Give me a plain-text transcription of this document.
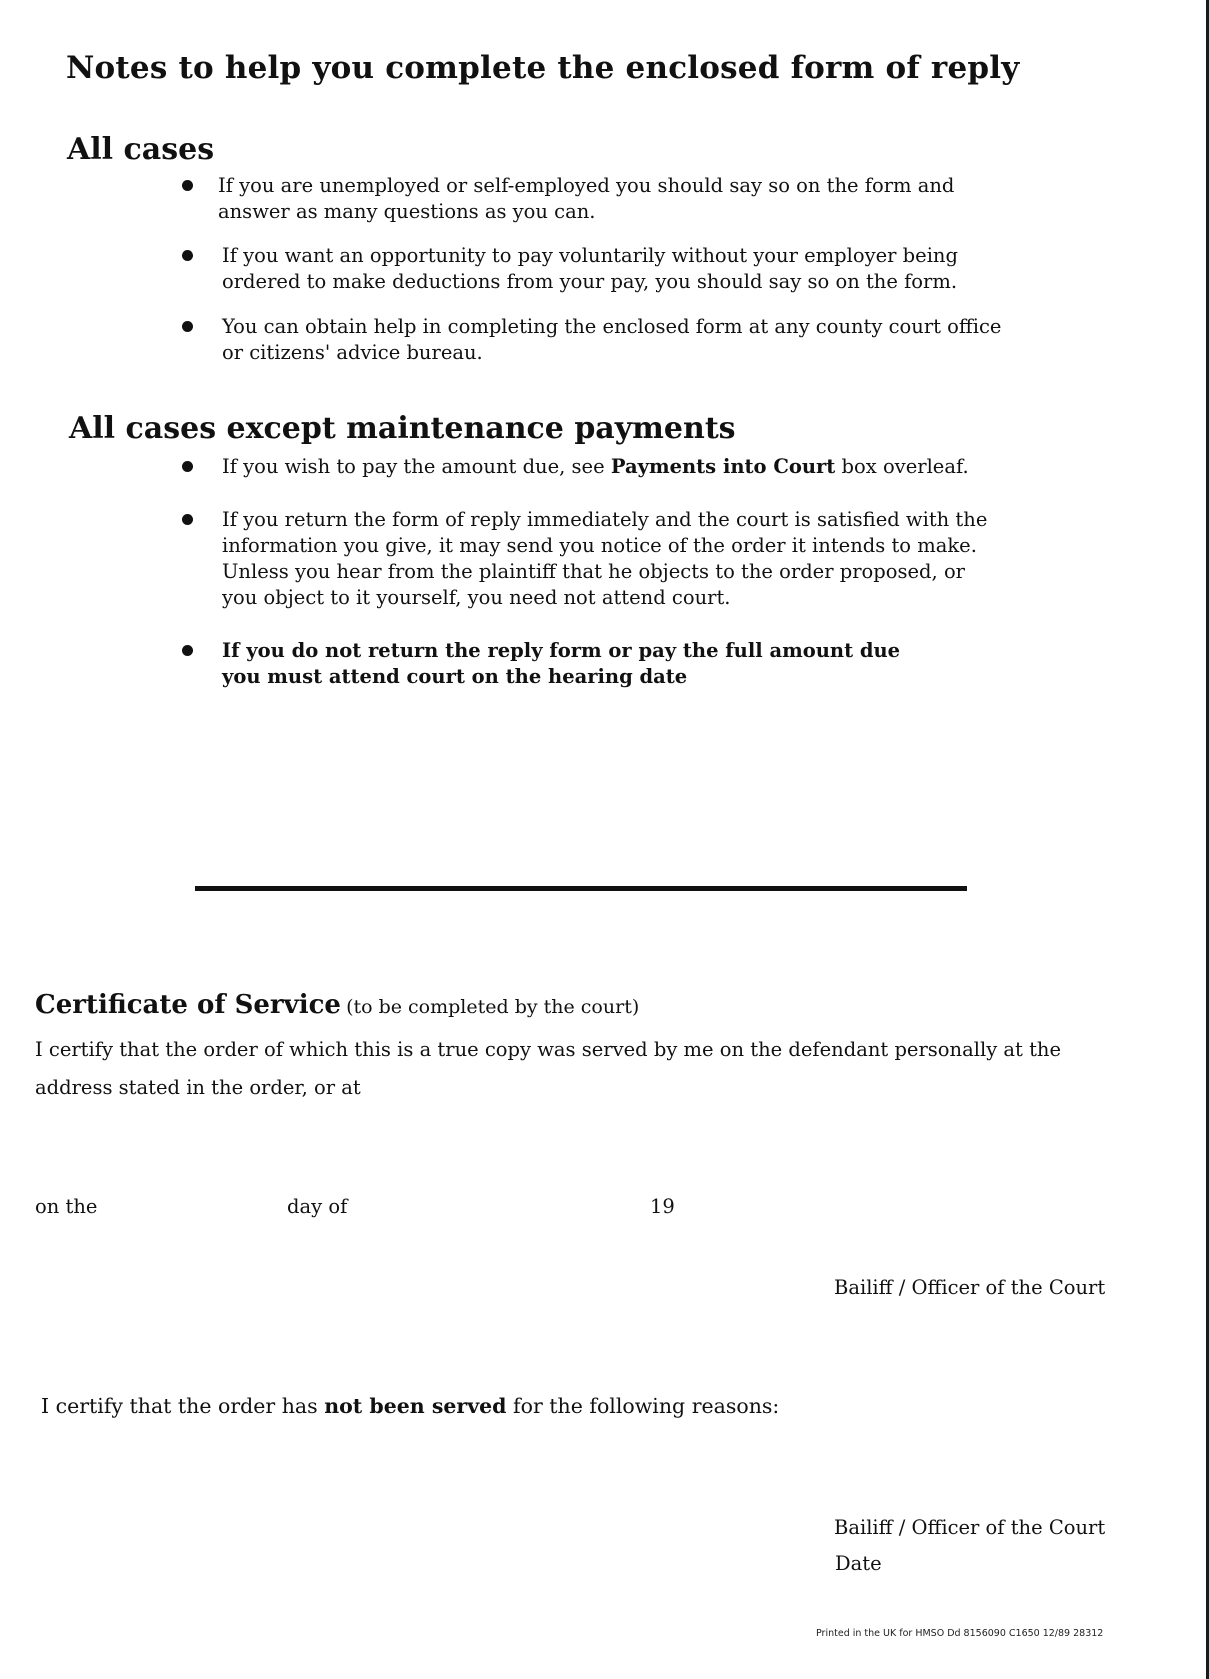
Notes to help you complete the enclosed form of reply
All cases
If you are unemployed or self-employed you should say so on the form and answer as many questions as you can.
If you want an opportunity to pay voluntarily without your employer being ordered to make deductions from your pay, you should say so on the form.
You can obtain help in completing the enclosed form at any county court office or citizens' advice bureau.
All cases except maintenance payments
If you wish to pay the amount due, see Payments into Court box overleaf.
If you return the form of reply immediately and the court is satisfied with the information you give, it may send you notice of the order it intends to make. Unless you hear from the plaintiff that he objects to the order proposed, or you object to it yourself, you need not attend court.
If you do not return the reply form or pay the full amount due you must attend court on the hearing date
Certificate of Service (to be completed by the court)
I certify that the order of which this is a true copy was served by me on the defendant personally at the
address stated in the order, or at
on the	day of	19
Bailiff / Officer of the Court
I certify that the order has not been served for the following reasons:
Bailiff / Officer of the Court
Date
Printed in the UK for HMSO Dd 8156090 C1650 12/89 28312
